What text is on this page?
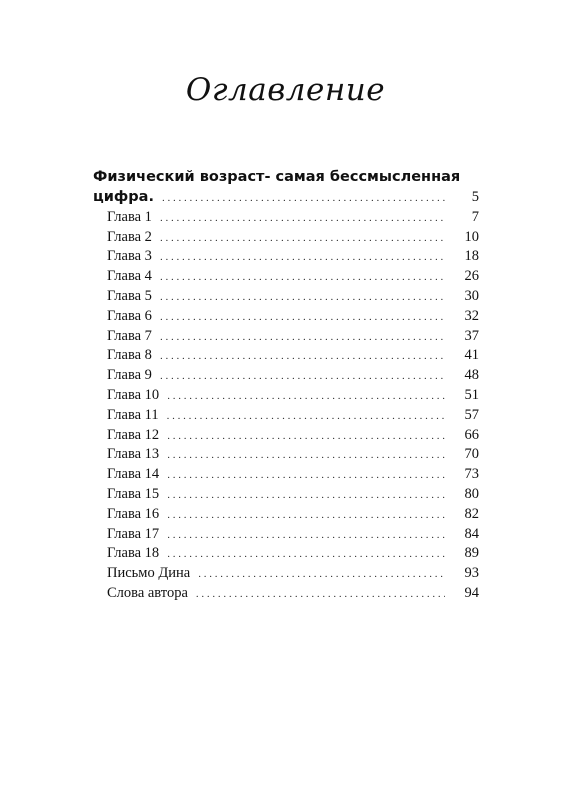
Оглавление
Физический возраст- самая бессмысленная
цифра. . . .	5
Глава 1 . . .	7
Глава 2 . . .	10
Глава 3 . . .	18
Глава 4 . . .	26
Глава 5 . . .	30
Глава 6 . . .	32
Глава 7 . . .	37
Глава 8 . . .	41
Глава 9 . . .	48
Глава 10 . . .	51
Глава 11 . . .	57
Глава 12 . . .	66
Глава 13 . . .	70
Глава 14 . . .	73
Глава 15 . . .	80
Глава 16 . . .	82
Глава 17 . . .	84
Глава 18 . . .	89
Письмо Дина . . .	93
Слова автора . . .	94
